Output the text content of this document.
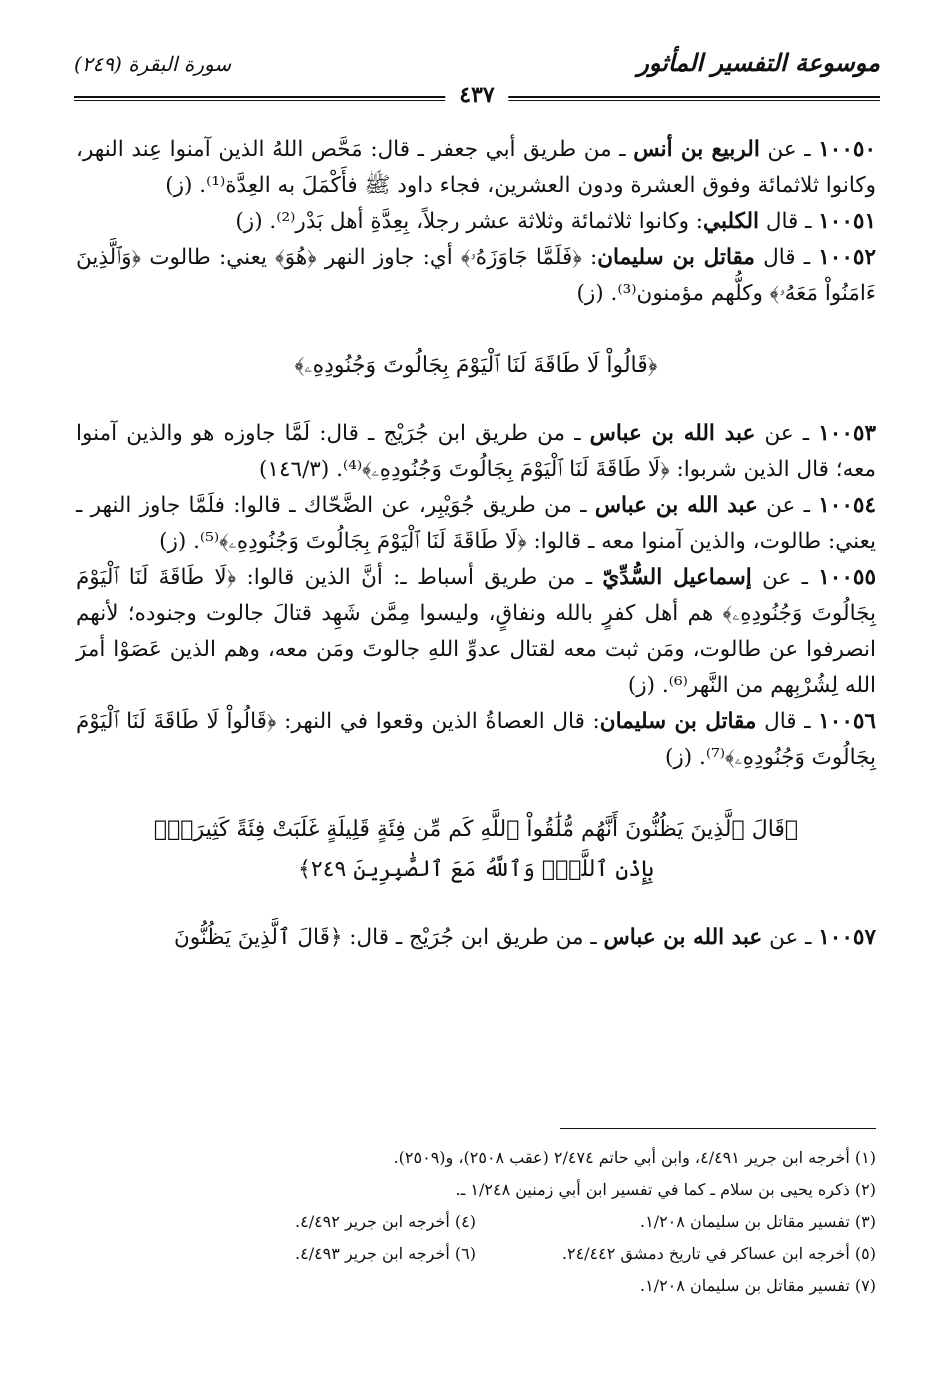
موسوعة التفسير المأثور
سورة البقرة (٢٤٩)
٤٣٧

١٠٠٥٠ ـ عن الربيع بن أنس ـ من طريق أبي جعفر ـ قال: مَحَّص اللهُ الذين آمنوا عِند النهر، وكانوا ثلاثمائة وفوق العشرة ودون العشرين، فجاء داود ﷺ فأَكْمَلَ به العِدَّة⁽¹⁾. (ز)

١٠٠٥١ ـ قال الكلبي: وكانوا ثلاثمائة وثلاثة عشر رجلاً، بِعِدَّةِ أهل بَدْر⁽²⁾. (ز)

١٠٠٥٢ ـ قال مقاتل بن سليمان: ﴿فَلَمَّا جَاوَزَهُۥ﴾ أي: جاوز النهر ﴿هُوَ﴾ يعني: طالوت ﴿وَٱلَّذِينَ ءَامَنُواْ مَعَهُۥ﴾ وكلُّهم مؤمنون⁽³⁾. (ز)

﴿قَالُواْ لَا طَاقَةَ لَنَا ٱلْيَوْمَ بِجَالُوتَ وَجُنُودِهِۦ﴾

١٠٠٥٣ ـ عن عبد الله بن عباس ـ من طريق ابن جُرَيْج ـ قال: لَمَّا جاوزه هو والذين آمنوا معه؛ قال الذين شربوا: ﴿لَا طَاقَةَ لَنَا ٱلْيَوْمَ بِجَالُوتَ وَجُنُودِهِۦ﴾⁽⁴⁾. (١٤٦/٣)

١٠٠٥٤ ـ عن عبد الله بن عباس ـ من طريق جُوَيْبِر، عن الضَّحّاك ـ قالوا: فلَمَّا جاوز النهر ـ يعني: طالوت، والذين آمنوا معه ـ قالوا: ﴿لَا طَاقَةَ لَنَا ٱلْيَوْمَ بِجَالُوتَ وَجُنُودِهِۦ﴾⁽⁵⁾. (ز)

١٠٠٥٥ ـ عن إسماعيل السُّدِّيّ ـ من طريق أسباط ـ: أنَّ الذين قالوا: ﴿لَا طَاقَةَ لَنَا ٱلْيَوْمَ بِجَالُوتَ وَجُنُودِهِۦ﴾ هم أهل كفرٍ بالله ونفاقٍ، وليسوا مِمَّن شَهِد قتالَ جالوت وجنوده؛ لأنهم انصرفوا عن طالوت، ومَن ثبت معه لقتال عدوِّ اللهِ جالوتَ ومَن معه، وهم الذين عَصَوْا أمرَ الله لِشُرْبِهم من النَّهر⁽⁶⁾. (ز)

١٠٠٥٦ ـ قال مقاتل بن سليمان: قال العصاةُ الذين وقعوا في النهر: ﴿قَالُواْ لَا طَاقَةَ لَنَا ٱلْيَوْمَ بِجَالُوتَ وَجُنُودِهِۦ﴾⁽⁷⁾. (ز)

﴿قَالَ ٱلَّذِينَ يَظُنُّونَ أَنَّهُم مُّلَٰقُواْ ٱللَّهِ كَم مِّن فِئَةٍ قَلِيلَةٍ غَلَبَتْ فِئَةً كَثِيرَةًۢ
بِإِذْنِ ٱللَّهِۗ وَٱللَّهُ مَعَ ٱلصَّٰبِرِينَ ٢٤٩﴾

١٠٠٥٧ ـ عن عبد الله بن عباس ـ من طريق ابن جُرَيْج ـ قال: ﴿قَالَ ٱلَّذِينَ يَظُنُّونَ

(١) أخرجه ابن جرير ٤/٤٩١، وابن أبي حاتم ٢/٤٧٤ (عقب ٢٥٠٨)، و(٢٥٠٩).
(٢) ذكره يحيى بن سلام ـ كما في تفسير ابن أبي زمنين ١/٢٤٨ ـ.
(٣) تفسير مقاتل بن سليمان ١/٢٠٨.
(٤) أخرجه ابن جرير ٤/٤٩٢.
(٥) أخرجه ابن عساكر في تاريخ دمشق ٢٤/٤٤٢.
(٦) أخرجه ابن جرير ٤/٤٩٣.
(٧) تفسير مقاتل بن سليمان ١/٢٠٨.
